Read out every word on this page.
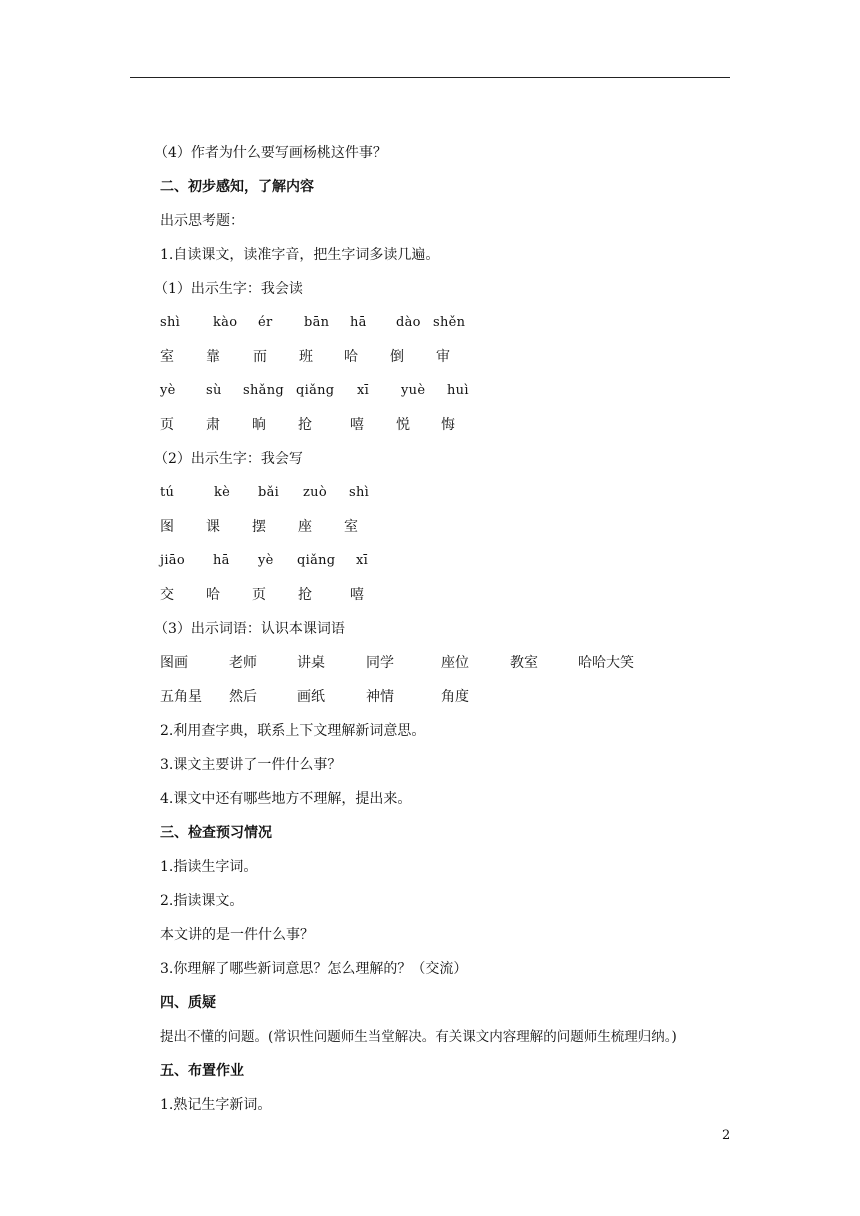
（4）作者为什么要写画杨桃这件事？
二、初步感知，了解内容
出示思考题：
1.自读课文，读准字音，把生字词多读几遍。
（1）出示生字：我会读
shì	kào ér bān hā dào shěn
室 靠 而 班 哈 倒 审
yè sù shǎng qiǎng xī yuè huì
页 肃 晌 抢	嘻 悦 悔
（2）出示生字：我会写
tú	kè bǎi zuò shì
图 课 摆 座 室
jiāo hā yè qiǎng xī
交 哈 页 抢	嘻
（3）出示词语：认识本课词语
图画	老师	讲桌	同学	座位	教室	哈哈大笑
五角星 然后	画纸	神情	角度
2.利用查字典，联系上下文理解新词意思。
3.课文主要讲了一件什么事？
4.课文中还有哪些地方不理解，提出来。
三、检查预习情况
1.指读生字词。
2.指读课文。
本文讲的是一件什么事？
3.你理解了哪些新词意思？怎么理解的？（交流）
四、质疑
提出不懂的问题。(常识性问题师生当堂解决。有关课文内容理解的问题师生梳理归纳。)
五、布置作业
1.熟记生字新词。
2
